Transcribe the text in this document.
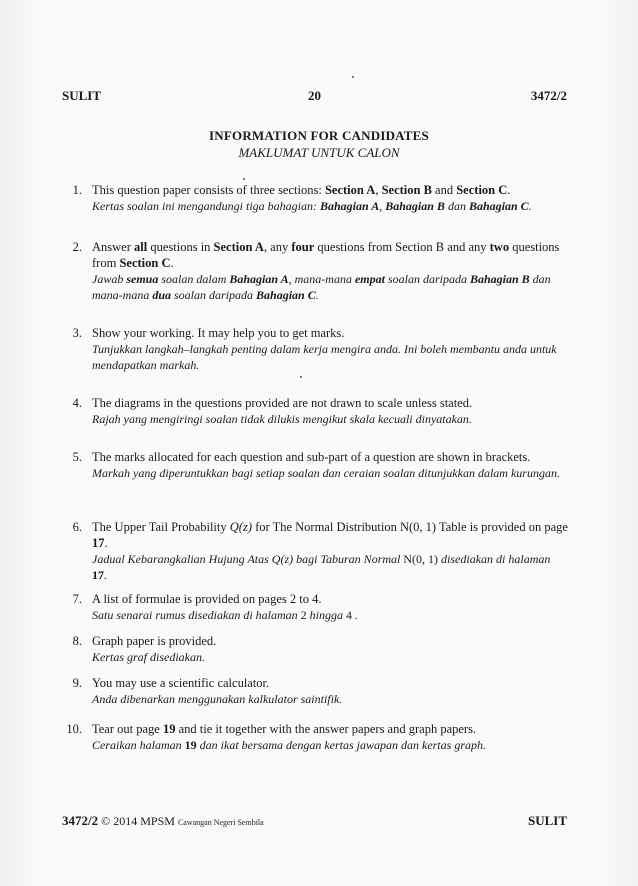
SULIT	20	3472/2
INFORMATION FOR CANDIDATES
MAKLUMAT UNTUK CALON
1. This question paper consists of three sections: Section A, Section B and Section C.
Kertas soalan ini mengandungi tiga bahagian: Bahagian A, Bahagian B dan Bahagian C.
2. Answer all questions in Section A, any four questions from Section B and any two questions from Section C.
Jawab semua soalan dalam Bahagian A, mana-mana empat soalan daripada Bahagian B dan mana-mana dua soalan daripada Bahagian C.
3. Show your working. It may help you to get marks.
Tunjukkan langkah–langkah penting dalam kerja mengira anda. Ini boleh membantu anda untuk mendapatkan markah.
4. The diagrams in the questions provided are not drawn to scale unless stated.
Rajah yang mengiringi soalan tidak dilukis mengikut skala kecuali dinyatakan.
5. The marks allocated for each question and sub-part of a question are shown in brackets.
Markah yang diperuntukkan bagi setiap soalan dan ceraian soalan ditunjukkan dalam kurungan.
6. The Upper Tail Probability Q(z) for The Normal Distribution N(0, 1) Table is provided on page 17.
Jadual Kebarangkalian Hujung Atas Q(z) bagi Taburan Normal N(0, 1) disediakan di halaman 17.
7. A list of formulae is provided on pages 2 to 4.
Satu senarai rumus disediakan di halaman 2 hingga 4 .
8. Graph paper is provided.
Kertas graf disediakan.
9. You may use a scientific calculator.
Anda dibenarkan menggunakan kalkulator saintifik.
10. Tear out page 19 and tie it together with the answer papers and graph papers.
Ceraikan halaman 19 dan ikat bersama dengan kertas jawapan dan kertas graph.
3472/2 © 2014 MPSM Cawangan Negeri Sembila	SULIT
